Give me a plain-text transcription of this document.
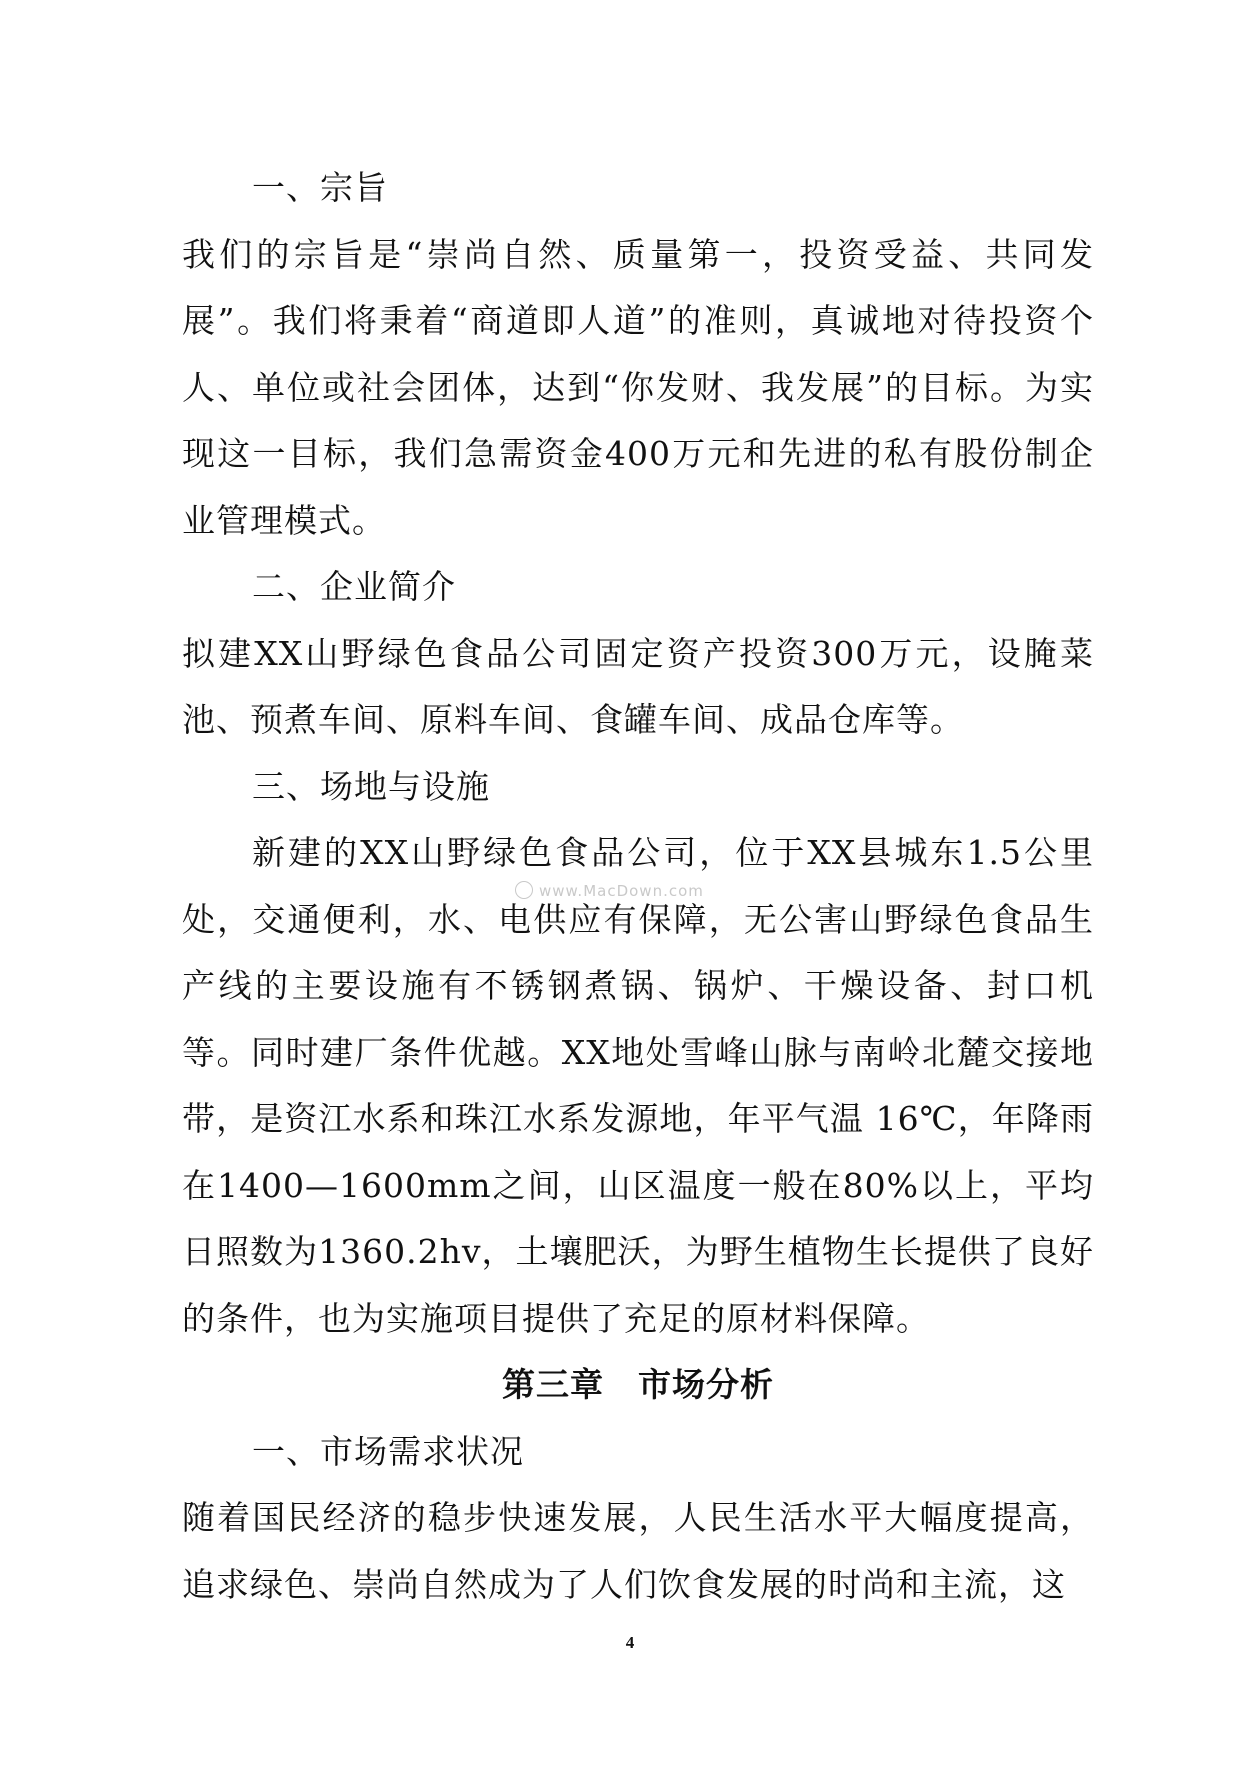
一、宗旨

我们的宗旨是“崇尚自然、质量第一，投资受益、共同发展”。我们将秉着“商道即人道”的准则，真诚地对待投资个人、单位或社会团体，达到“你发财、我发展”的目标。为实现这一目标，我们急需资金400万元和先进的私有股份制企业管理模式。

二、企业简介

拟建XX山野绿色食品公司固定资产投资300万元，设腌菜池、预煮车间、原料车间、食罐车间、成品仓库等。

三、场地与设施

新建的XX山野绿色食品公司，位于XX县城东1.5公里处，交通便利，水、电供应有保障，无公害山野绿色食品生产线的主要设施有不锈钢煮锅、锅炉、干燥设备、封口机等。同时建厂条件优越。XX地处雪峰山脉与南岭北麓交接地带，是资江水系和珠江水系发源地，年平气温 16℃，年降雨在1400—1600mm之间，山区温度一般在80%以上，平均日照数为1360.2hv，土壤肥沃，为野生植物生长提供了良好的条件，也为实施项目提供了充足的原材料保障。

第三章　市场分析

一、市场需求状况

随着国民经济的稳步快速发展，人民生活水平大幅度提高，追求绿色、崇尚自然成为了人们饮食发展的时尚和主流，这

www.MacDown.com
4
